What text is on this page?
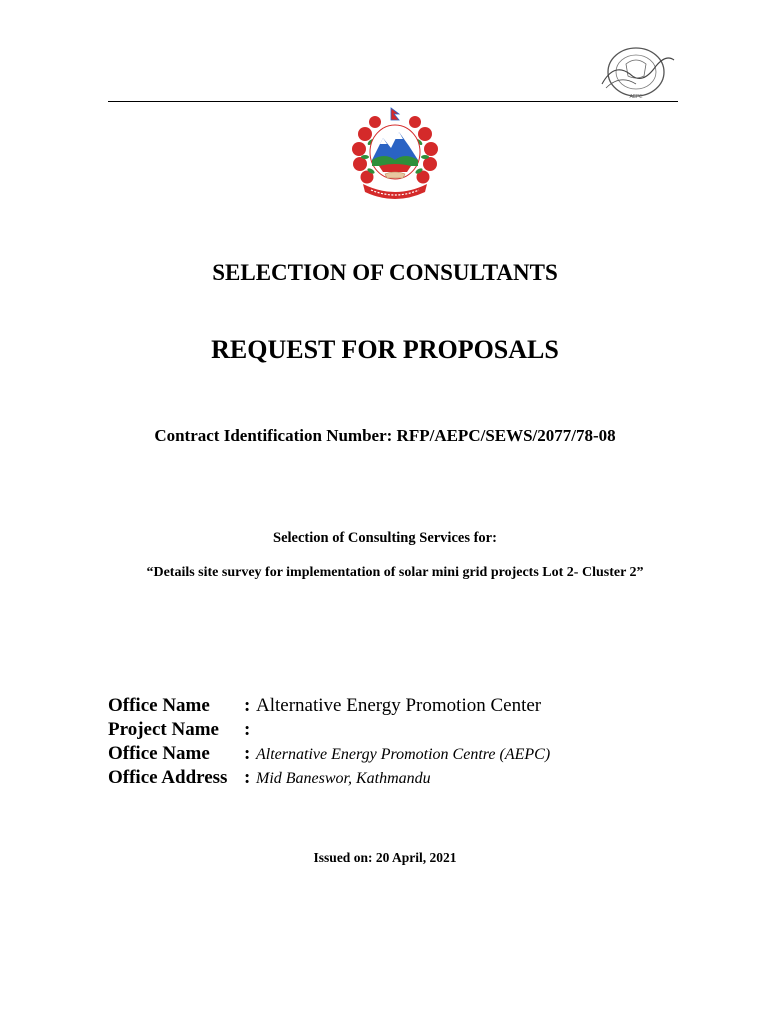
AEPC
SELECTION OF CONSULTANTS
REQUEST FOR PROPOSALS
Contract Identification Number: RFP/AEPC/SEWS/2077/78-08
Selection of Consulting Services for:
“Details site survey for implementation of solar mini grid projects Lot 2- Cluster 2”
Office Name	: Alternative Energy Promotion Center
Project Name	:
Office Name	: Alternative Energy Promotion Centre (AEPC)
Office Address : Mid Baneswor, Kathmandu
Issued on: 20 April, 2021
